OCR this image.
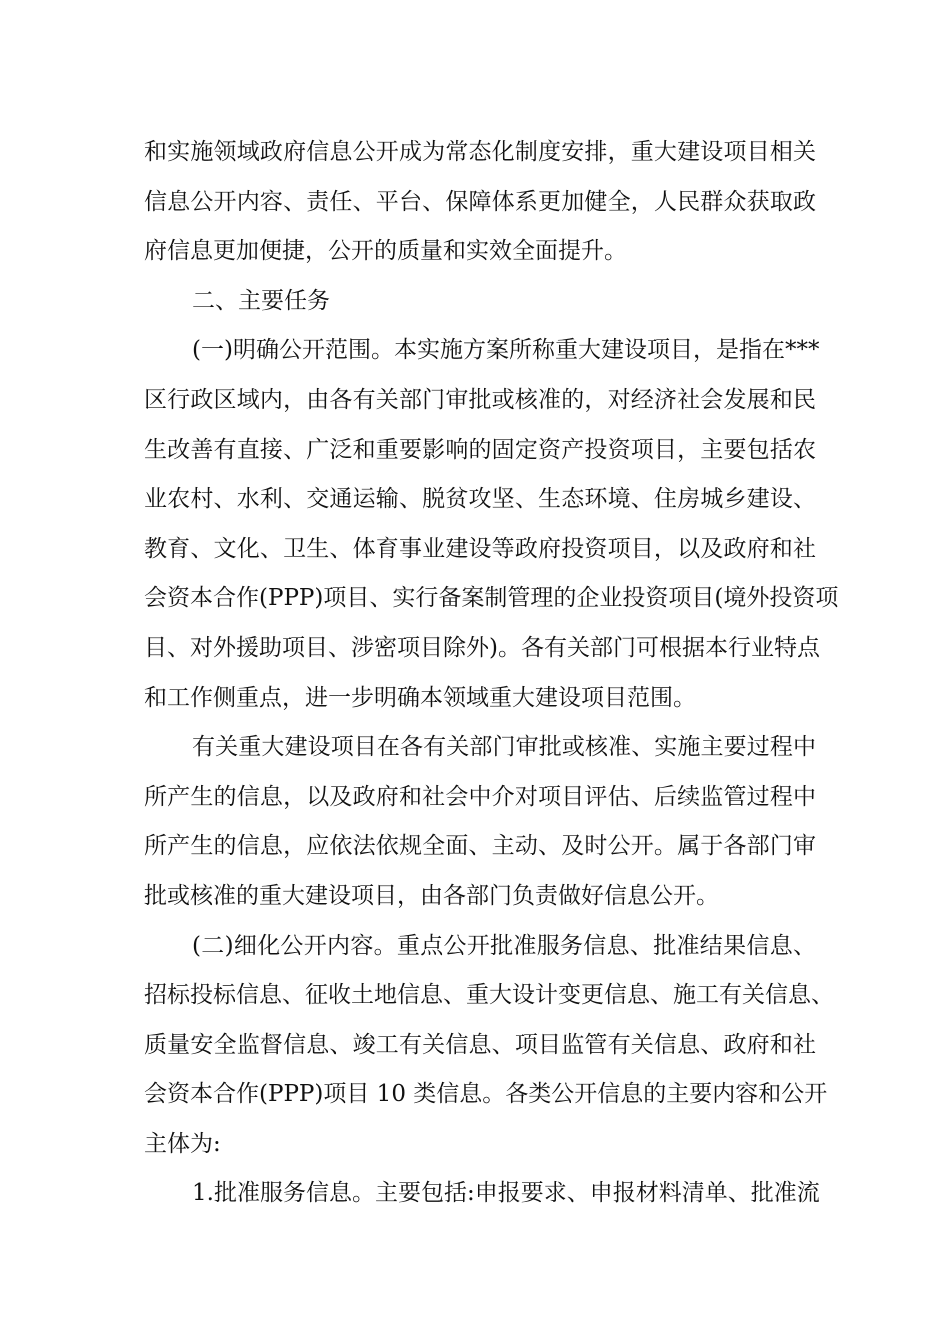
和实施领域政府信息公开成为常态化制度安排，重大建设项目相关
信息公开内容、责任、平台、保障体系更加健全，人民群众获取政
府信息更加便捷，公开的质量和实效全面提升。
二、主要任务
(一)明确公开范围。本实施方案所称重大建设项目，是指在***
区行政区域内，由各有关部门审批或核准的，对经济社会发展和民
生改善有直接、广泛和重要影响的固定资产投资项目，主要包括农
业农村、水利、交通运输、脱贫攻坚、生态环境、住房城乡建设、
教育、文化、卫生、体育事业建设等政府投资项目，以及政府和社
会资本合作(PPP)项目、实行备案制管理的企业投资项目(境外投资项
目、对外援助项目、涉密项目除外)。各有关部门可根据本行业特点
和工作侧重点，进一步明确本领域重大建设项目范围。
有关重大建设项目在各有关部门审批或核准、实施主要过程中
所产生的信息，以及政府和社会中介对项目评估、后续监管过程中
所产生的信息，应依法依规全面、主动、及时公开。属于各部门审
批或核准的重大建设项目，由各部门负责做好信息公开。
(二)细化公开内容。重点公开批准服务信息、批准结果信息、
招标投标信息、征收土地信息、重大设计变更信息、施工有关信息、
质量安全监督信息、竣工有关信息、项目监管有关信息、政府和社
会资本合作(PPP)项目 10 类信息。各类公开信息的主要内容和公开
主体为:
1.批准服务信息。主要包括:申报要求、申报材料清单、批准流
